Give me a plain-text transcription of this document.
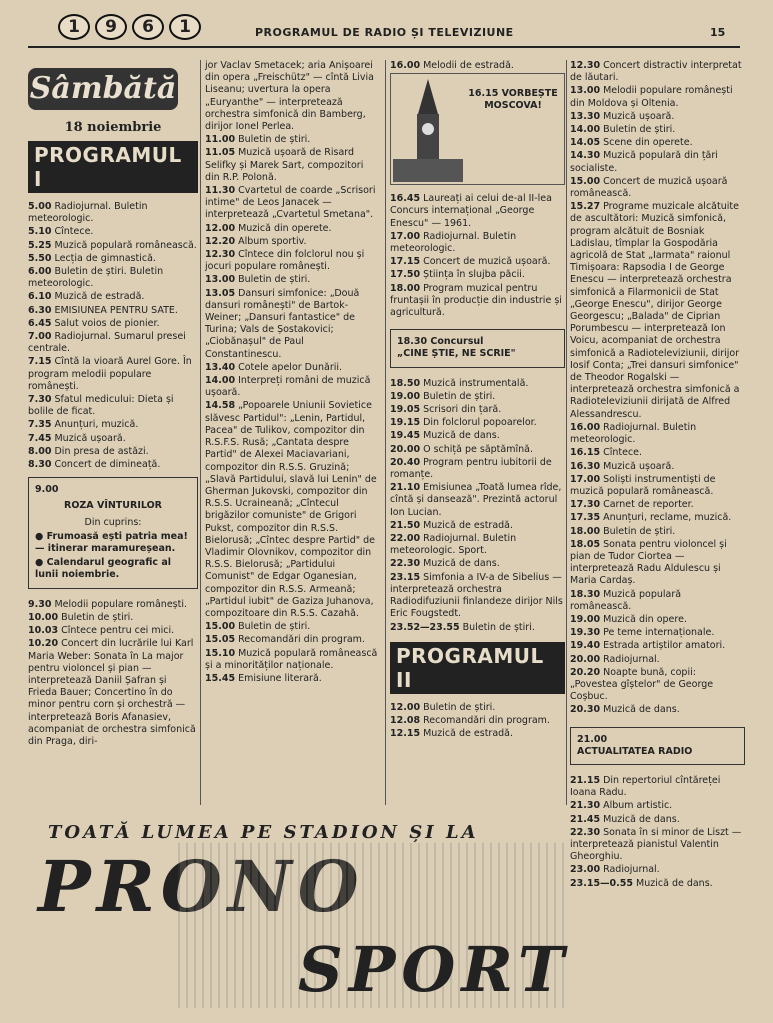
1	9	6	1	PROGRAMUL DE RADIO ȘI TELEVIZIUNE	15
Sâmbătă
18 noiembrie
PROGRAMUL I
5.00 Radiojurnal. Buletin meteorologic.
5.10 Cîntece.
5.25 Muzică populară românească.
5.50 Lecția de gimnastică.
6.00 Buletin de știri. Buletin meteorologic.
6.10 Muzică de estradă.
6.30 EMISIUNEA PENTRU SATE.
6.45 Salut voios de pionier.
7.00 Radiojurnal. Sumarul presei centrale.
7.15 Cîntă la vioară Aurel Gore. În program melodii populare românești.
7.30 Sfatul medicului: Dieta și bolile de ficat.
7.35 Anunțuri, muzică.
7.45 Muzică ușoară.
8.00 Din presa de astăzi.
8.30 Concert de dimineață.
9.00
ROZA VÎNTURILOR
Din cuprins:
● Frumoasă ești patria mea! — itinerar maramureșean.
● Calendarul geografic al lunii noiembrie.
9.30 Melodii populare românești.
10.00 Buletin de știri.
10.03 Cîntece pentru cei mici.
10.20 Concert din lucrările lui Karl Maria Weber: Sonata în La major pentru violoncel și pian — interpretează Daniil Șafran și Frieda Bauer; Concertino în do minor pentru corn și orchestră — interpretează Boris Afanasiev, acompaniat de orchestra simfonică din Praga, diri-
jor Vaclav Smetacek; aria Anișoarei din opera „Freischütz" — cîntă Livia Liseanu; uvertura la opera „Euryanthe" — interpretează orchestra simfonică din Bamberg, dirijor Ionel Perlea.
11.00 Buletin de știri.
11.05 Muzică ușoară de Risard Selifky și Marek Sart, compozitori din R.P. Polonă.
11.30 Cvartetul de coarde „Scrisori intime" de Leos Janacek — interpretează „Cvartetul Smetana".
12.00 Muzică din operete.
12.20 Album sportiv.
12.30 Cîntece din folclorul nou și jocuri populare românești.
13.00 Buletin de știri.
13.05 Dansuri simfonice: „Două dansuri românești" de Bartok-Weiner; „Dansuri fantastice" de Turina; Vals de Șostakovici; „Ciobănașul" de Paul Constantinescu.
13.40 Cotele apelor Dunării.
14.00 Interpreți români de muzică ușoară.
14.58 „Popoarele Uniunii Sovietice slăvesc Partidul": „Lenin, Partidul, Pacea" de Tulikov, compozitor din R.S.F.S. Rusă; „Cantata despre Partid" de Alexei Maciavariani, compozitor din R.S.S. Gruzină; „Slavă Partidului, slavă lui Lenin" de Gherman Jukovski, compozitor din R.S.S. Ucraineană; „Cîntecul brigăzilor comuniste" de Grigori Pukst, compozitor din R.S.S. Bielorusă; „Cîntec despre Partid" de Vladimir Olovnikov, compozitor din R.S.S. Bielorusă; „Partidului Comunist" de Edgar Oganesian, compozitor din R.S.S. Armeană; „Partidul iubit" de Gaziza Juhanova, compozitoare din R.S.S. Cazahă.
15.00 Buletin de știri.
15.05 Recomandări din program.
15.10 Muzică populară românească și a minorităților naționale.
15.45 Emisiune literară.
16.00 Melodii de estradă.
16.15 VORBEȘTE MOSCOVA!
16.45 Laureați ai celui de-al II-lea Concurs internațional „George Enescu" — 1961.
17.00 Radiojurnal. Buletin meteorologic.
17.15 Concert de muzică ușoară.
17.50 Știința în slujba păcii.
18.00 Program muzical pentru fruntașii în producție din industrie și agricultură.
18.30 Concursul
„CINE ȘTIE, NE SCRIE"
18.50 Muzică instrumentală.
19.00 Buletin de știri.
19.05 Scrisori din țară.
19.15 Din folclorul popoarelor.
19.45 Muzică de dans.
20.00 O schiță pe săptămînă.
20.40 Program pentru iubitorii de romanțe.
21.10 Emisiunea „Toată lumea rîde, cîntă și dansează". Prezintă actorul Ion Lucian.
21.50 Muzică de estradă.
22.00 Radiojurnal. Buletin meteorologic. Sport.
22.30 Muzică de dans.
23.15 Simfonia a IV-a de Sibelius — interpretează orchestra Radiodifuziunii finlandeze dirijor Nils Eric Fougstedt.
23.52—23.55 Buletin de știri.
PROGRAMUL II
12.00 Buletin de știri.
12.08 Recomandări din program.
12.15 Muzică de estradă.
12.30 Concert distractiv interpretat de lăutari.
13.00 Melodii populare românești din Moldova și Oltenia.
13.30 Muzică ușoară.
14.00 Buletin de știri.
14.05 Scene din operete.
14.30 Muzică populară din țări socialiste.
15.00 Concert de muzică ușoară românească.
15.27 Programe muzicale alcătuite de ascultători: Muzică simfonică, program alcătuit de Bosniak Ladislau, tîmplar la Gospodăria agricolă de Stat „Iarmata" raionul Timișoara: Rapsodia I de George Enescu — interpretează orchestra simfonică a Filarmonicii de Stat „George Enescu", dirijor George Georgescu; „Balada" de Ciprian Porumbescu — interpretează Ion Voicu, acompaniat de orchestra simfonică a Radioteleviziunii, dirijor Iosif Conta; „Trei dansuri simfonice" de Theodor Rogalski — interpretează orchestra simfonică a Radioteleviziunii dirijată de Alfred Alessandrescu.
16.00 Radiojurnal. Buletin meteorologic.
16.15 Cîntece.
16.30 Muzică ușoară.
17.00 Soliști instrumentiști de muzică populară românească.
17.30 Carnet de reporter.
17.35 Anunțuri, reclame, muzică.
18.00 Buletin de știri.
18.05 Sonata pentru violoncel și pian de Tudor Ciortea — interpretează Radu Aldulescu și Maria Cardaș.
18.30 Muzică populară românească.
19.00 Muzică din opere.
19.30 Pe teme internaționale.
19.40 Estrada artiștilor amatori.
20.00 Radiojurnal.
20.20 Noapte bună, copii: „Povestea gîștelor" de George Coșbuc.
20.30 Muzică de dans.
21.00
ACTUALITATEA RADIO
21.15 Din repertoriul cîntăreței Ioana Radu.
21.30 Album artistic.
21.45 Muzică de dans.
22.30 Sonata în si minor de Liszt — interpretează pianistul Valentin Gheorghiu.
23.00 Radiojurnal.
23.15—0.55 Muzică de dans.
TOATĂ LUMEA PE STADION ȘI LA
PRONO
SPORT
